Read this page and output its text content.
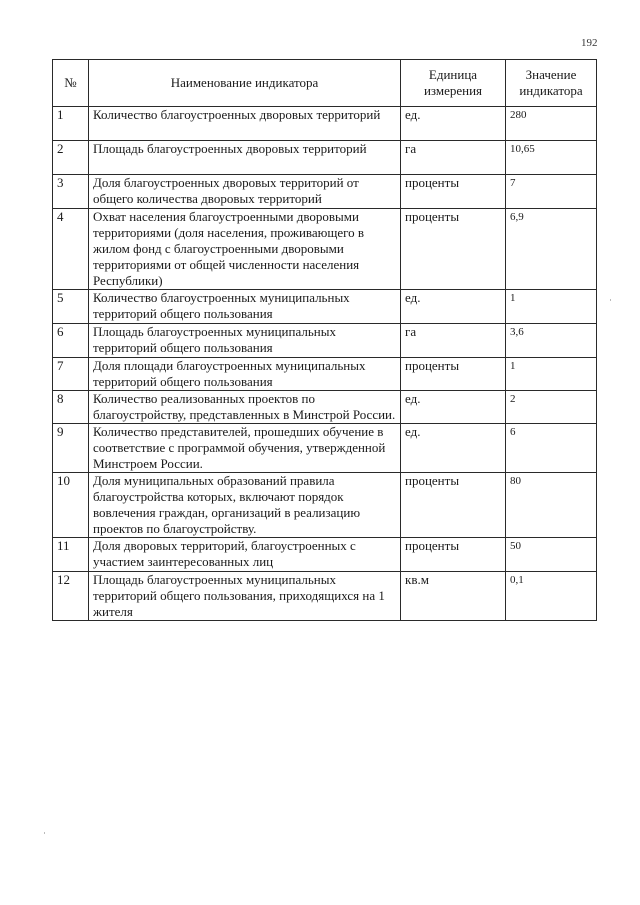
192
№	Наименование индикатора	Единица измерения	Значение индикатора
1	Количество благоустроенных дворовых территорий	ед.	280
2	Площадь благоустроенных дворовых территорий	га	10,65
3	Доля благоустроенных дворовых территорий от общего количества дворовых территорий	проценты	7
4	Охват населения благоустроенными дворовыми территориями (доля населения, проживающего в жилом фонд с благоустроенными дворовыми территориями от общей численности населения Республики)	проценты	6,9
5	Количество благоустроенных муниципальных территорий общего пользования	ед.	1
6	Площадь благоустроенных муниципальных территорий общего пользования	га	3,6
7	Доля площади благоустроенных муниципальных территорий общего пользования	проценты	1
8	Количество реализованных проектов по благоустройству, представленных в Минстрой России.	ед.	2
9	Количество представителей, прошедших обучение в соответствие с программой обучения, утвержденной Минстроем России.	ед.	6
10	Доля муниципальных образований правила благоустройства которых, включают порядок вовлечения граждан, организаций в реализацию проектов по благоустройству.	проценты	80
11	Доля дворовых территорий, благоустроенных с участием заинтересованных лиц	проценты	50
12	Площадь благоустроенных муниципальных территорий общего пользования, приходящихся на 1 жителя	кв.м	0,1
